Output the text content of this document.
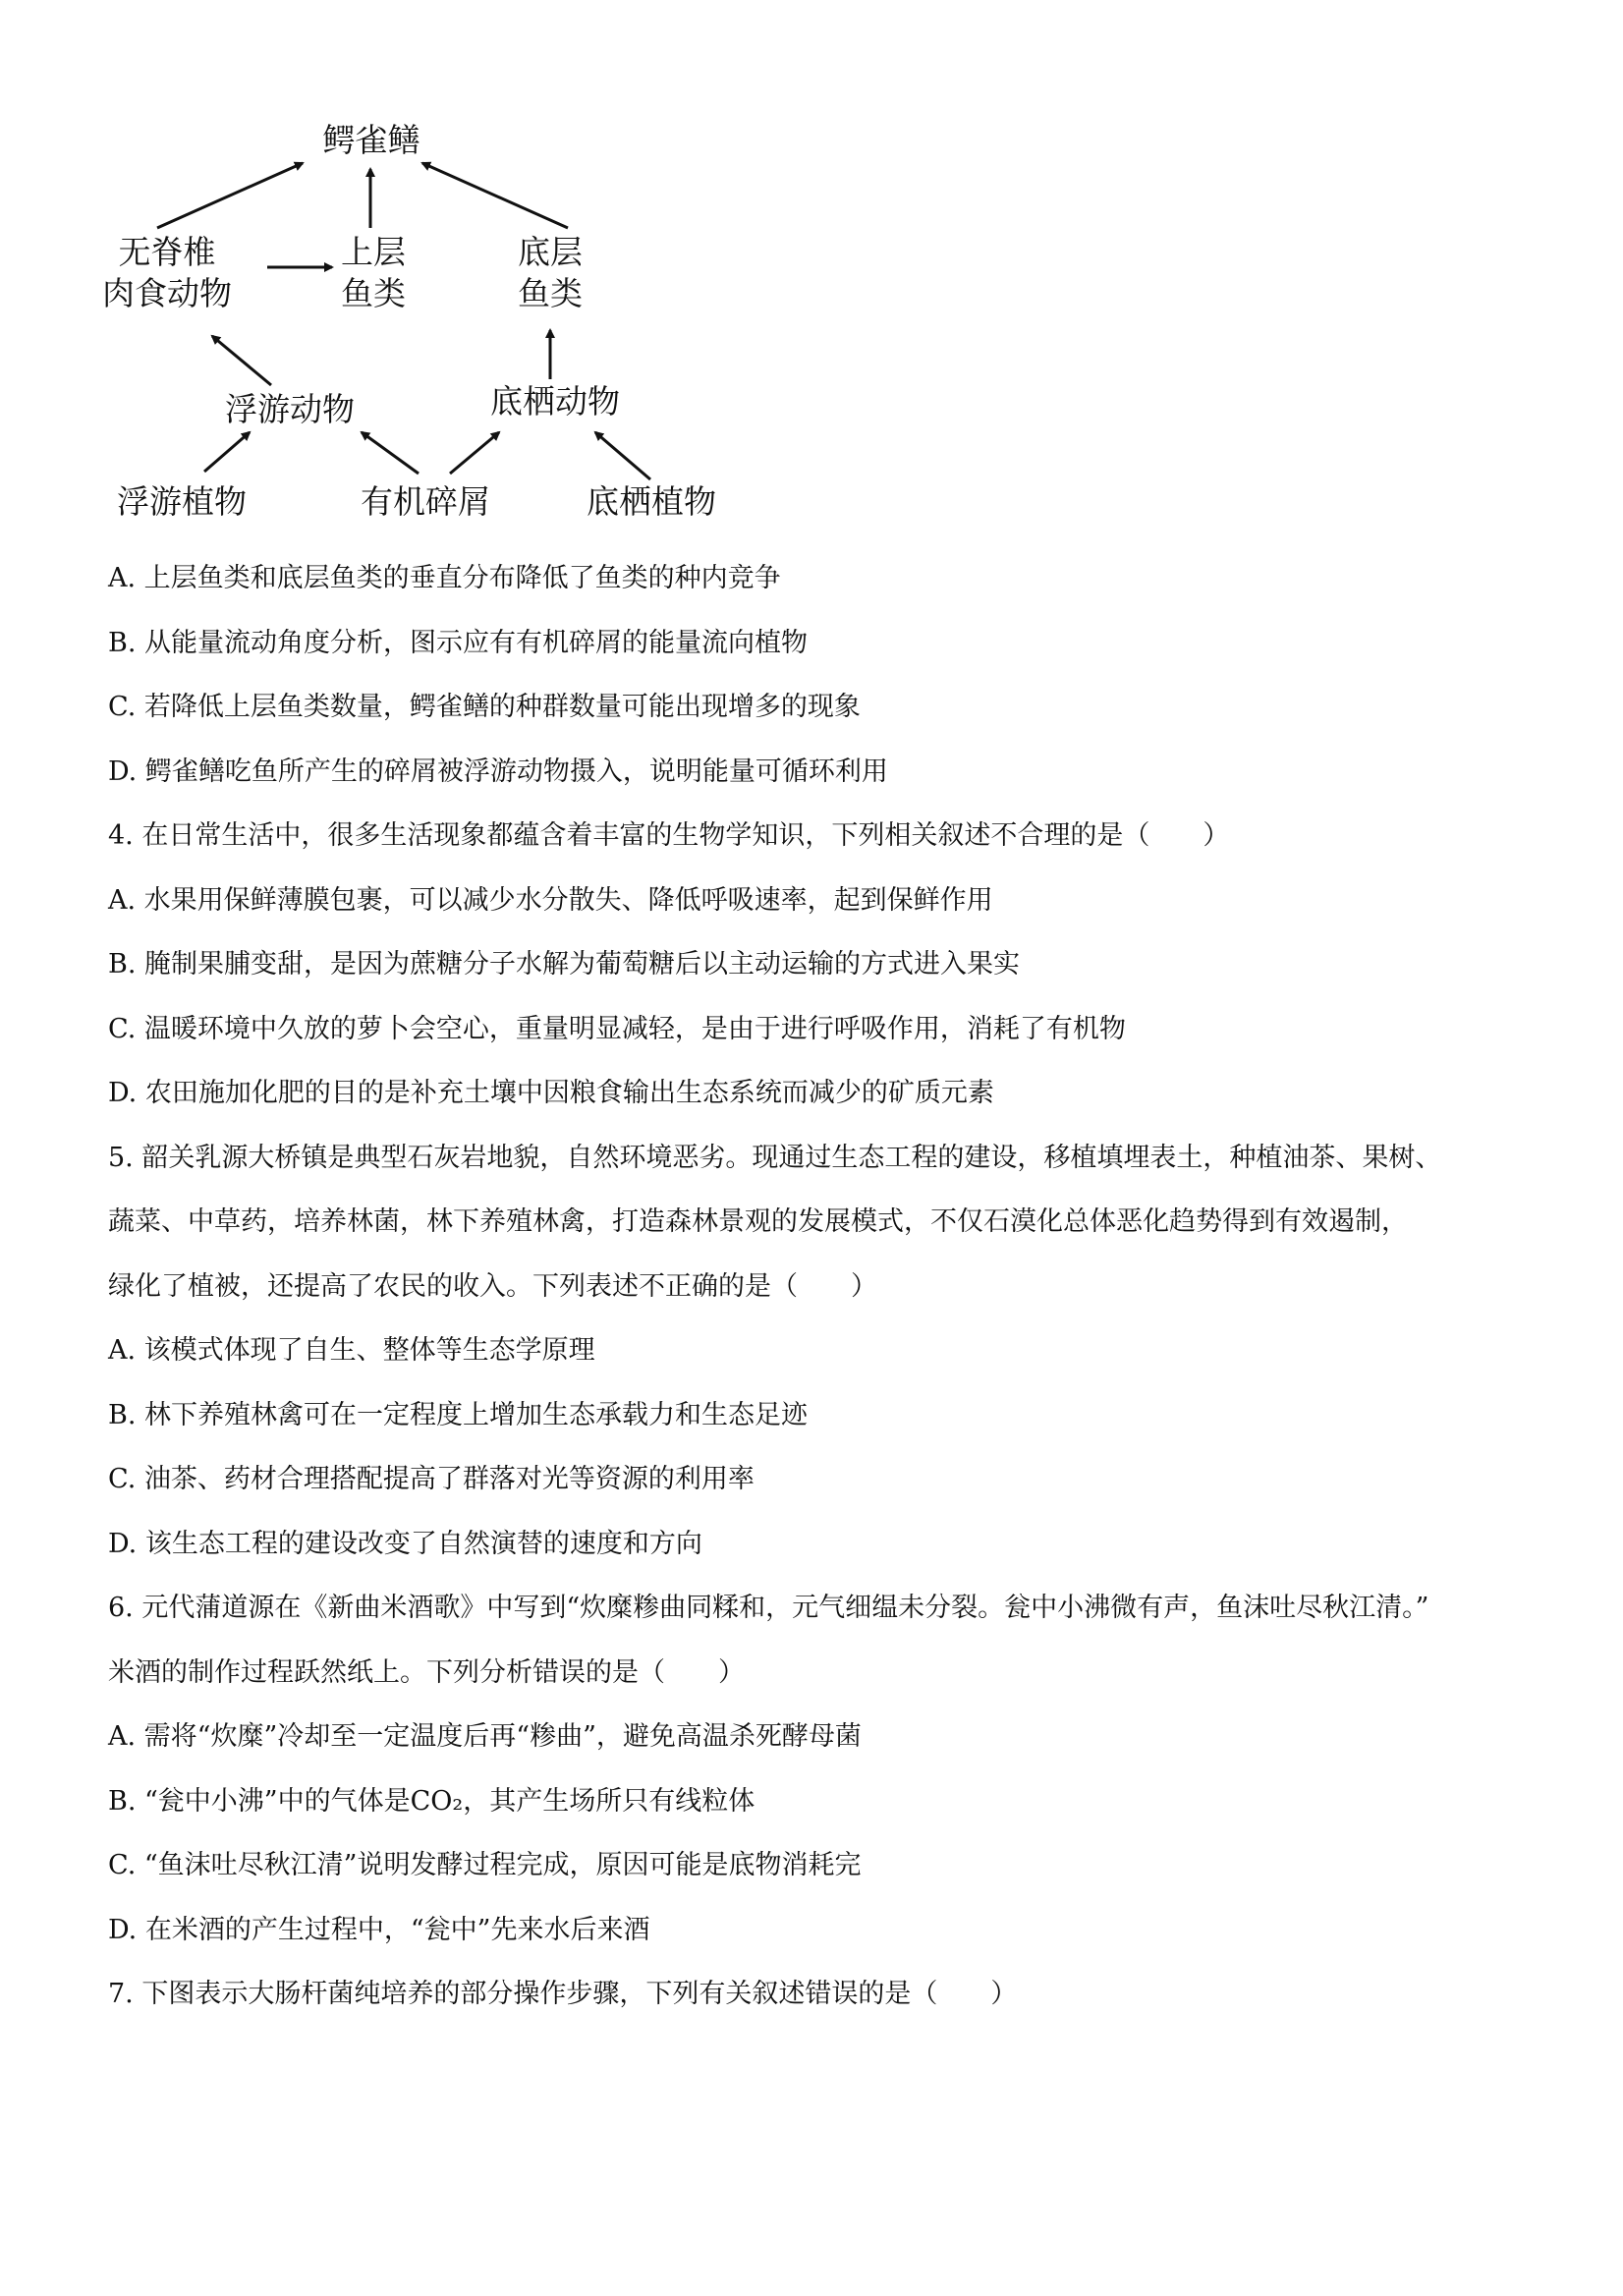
鳄雀鳝
无脊椎
肉食动物
上层
鱼类
底层
鱼类
浮游动物	底栖动物
浮游植物	有机碎屑	底栖植物
A. 上层鱼类和底层鱼类的垂直分布降低了鱼类的种内竞争
B. 从能量流动角度分析，图示应有有机碎屑的能量流向植物
C. 若降低上层鱼类数量，鳄雀鳝的种群数量可能出现增多的现象
D. 鳄雀鳝吃鱼所产生的碎屑被浮游动物摄入，说明能量可循环利用
4. 在日常生活中，很多生活现象都蕴含着丰富的生物学知识，下列相关叙述不合理的是（　　）
A. 水果用保鲜薄膜包裹，可以减少水分散失、降低呼吸速率，起到保鲜作用
B. 腌制果脯变甜，是因为蔗糖分子水解为葡萄糖后以主动运输的方式进入果实
C. 温暖环境中久放的萝卜会空心，重量明显减轻，是由于进行呼吸作用，消耗了有机物
D. 农田施加化肥的目的是补充土壤中因粮食输出生态系统而减少的矿质元素
5. 韶关乳源大桥镇是典型石灰岩地貌，自然环境恶劣。现通过生态工程的建设，移植填埋表土，种植油茶、果树、
蔬菜、中草药，培养林菌，林下养殖林禽，打造森林景观的发展模式，不仅石漠化总体恶化趋势得到有效遏制，
绿化了植被，还提高了农民的收入。下列表述不正确的是（　　）
A. 该模式体现了自生、整体等生态学原理
B. 林下养殖林禽可在一定程度上增加生态承载力和生态足迹
C. 油茶、药材合理搭配提高了群落对光等资源的利用率
D. 该生态工程的建设改变了自然演替的速度和方向
6. 元代蒲道源在《新曲米酒歌》中写到“炊糜糁曲同糅和，元气细缊未分裂。瓮中小沸微有声，鱼沫吐尽秋江清。”
米酒的制作过程跃然纸上。下列分析错误的是（　　）
A. 需将“炊糜”冷却至一定温度后再“糁曲”，避免高温杀死酵母菌
B. “瓮中小沸”中的气体是CO₂，其产生场所只有线粒体
C. “鱼沫吐尽秋江清”说明发酵过程完成，原因可能是底物消耗完
D. 在米酒的产生过程中，“瓮中”先来水后来酒
7. 下图表示大肠杆菌纯培养的部分操作步骤，下列有关叙述错误的是（　　）
